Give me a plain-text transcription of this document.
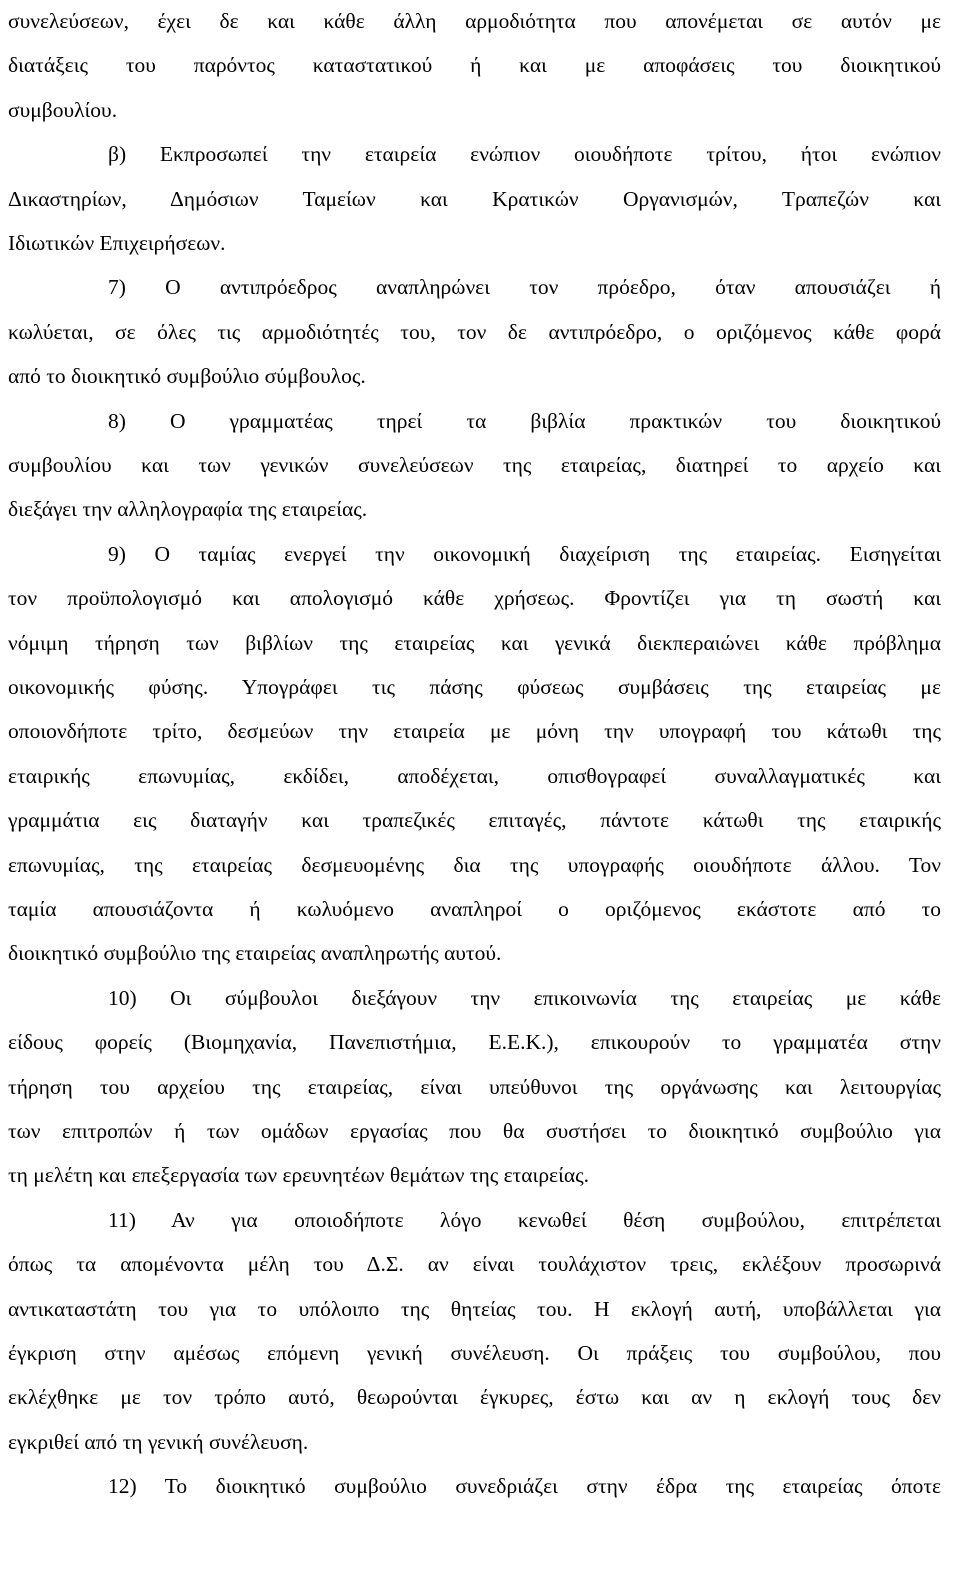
συνελεύσεων, έχει δε και κάθε άλλη αρμοδιότητα που απονέμεται σε αυτόν με
διατάξεις του παρόντος καταστατικού ή και με αποφάσεις του διοικητικού
συμβουλίου.
β) Εκπροσωπεί την εταιρεία ενώπιον οιουδήποτε τρίτου, ήτοι ενώπιον
Δικαστηρίων, Δημόσιων Ταμείων και Κρατικών Οργανισμών, Τραπεζών και
Ιδιωτικών Επιχειρήσεων.
7) Ο αντιπρόεδρος αναπληρώνει τον πρόεδρο, όταν απουσιάζει ή
κωλύεται, σε όλες τις αρμοδιότητές του, τον δε αντιπρόεδρο, ο οριζόμενος κάθε φορά
από το διοικητικό συμβούλιο σύμβουλος.
8) Ο γραμματέας τηρεί τα βιβλία πρακτικών του διοικητικού
συμβουλίου και των γενικών συνελεύσεων της εταιρείας, διατηρεί το αρχείο και
διεξάγει την αλληλογραφία της εταιρείας.
9) Ο ταμίας ενεργεί την οικονομική διαχείριση της εταιρείας. Εισηγείται
τον προϋπολογισμό και απολογισμό κάθε χρήσεως. Φροντίζει για τη σωστή και
νόμιμη τήρηση των βιβλίων της εταιρείας και γενικά διεκπεραιώνει κάθε πρόβλημα
οικονομικής φύσης. Υπογράφει τις πάσης φύσεως συμβάσεις της εταιρείας με
οποιονδήποτε τρίτο, δεσμεύων την εταιρεία με μόνη την υπογραφή του κάτωθι της
εταιρικής επωνυμίας, εκδίδει, αποδέχεται, οπισθογραφεί συναλλαγματικές και
γραμμάτια εις διαταγήν και τραπεζικές επιταγές, πάντοτε κάτωθι της εταιρικής
επωνυμίας, της εταιρείας δεσμευομένης δια της υπογραφής οιουδήποτε άλλου. Τον
ταμία απουσιάζοντα ή κωλυόμενο αναπληροί ο οριζόμενος εκάστοτε από το
διοικητικό συμβούλιο της εταιρείας αναπληρωτής αυτού.
10) Οι σύμβουλοι διεξάγουν την επικοινωνία της εταιρείας με κάθε
είδους φορείς (Βιομηχανία, Πανεπιστήμια, Ε.Ε.Κ.), επικουρούν το γραμματέα στην
τήρηση του αρχείου της εταιρείας, είναι υπεύθυνοι της οργάνωσης και λειτουργίας
των επιτροπών ή των ομάδων εργασίας που θα συστήσει το διοικητικό συμβούλιο για
τη μελέτη και επεξεργασία των ερευνητέων θεμάτων της εταιρείας.
11) Αν για οποιοδήποτε λόγο κενωθεί θέση συμβούλου, επιτρέπεται
όπως τα απομένοντα μέλη του Δ.Σ. αν είναι τουλάχιστον τρεις, εκλέξουν προσωρινά
αντικαταστάτη του για το υπόλοιπο της θητείας του. Η εκλογή αυτή, υποβάλλεται για
έγκριση στην αμέσως επόμενη γενική συνέλευση. Οι πράξεις του συμβούλου, που
εκλέχθηκε με τον τρόπο αυτό, θεωρούνται έγκυρες, έστω και αν η εκλογή τους δεν
εγκριθεί από τη γενική συνέλευση.
12) Το διοικητικό συμβούλιο συνεδριάζει στην έδρα της εταιρείας όποτε
